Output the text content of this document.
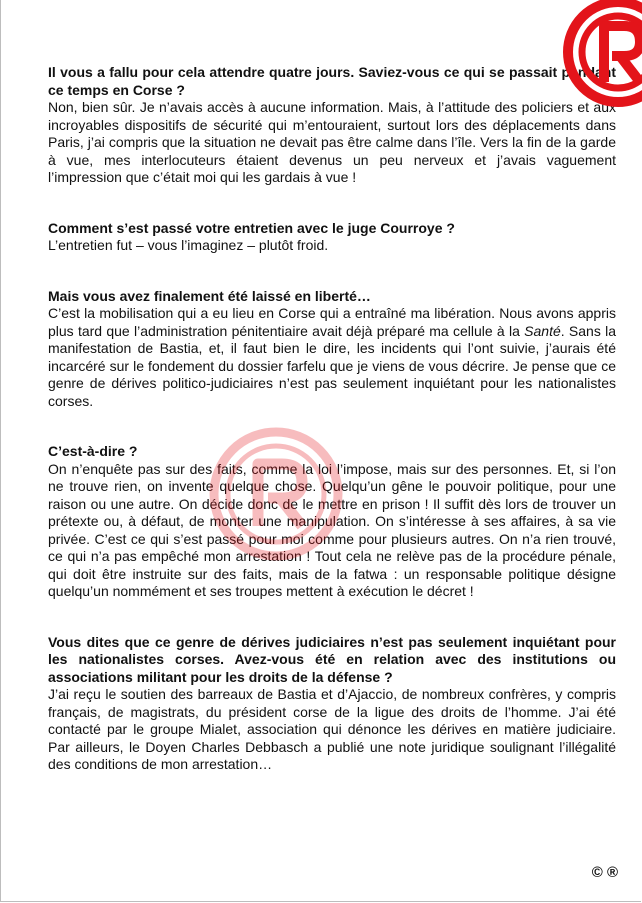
Il vous a fallu pour cela attendre quatre jours. Saviez-vous ce qui se passait pendant ce temps en Corse ?

Non, bien sûr. Je n’avais accès à aucune information. Mais, à l’attitude des policiers et aux incroyables dispositifs de sécurité qui m’entouraient, surtout lors des déplacements dans Paris, j’ai compris que la situation ne devait pas être calme dans l’île. Vers la fin de la garde à vue, mes interlocuteurs étaient devenus un peu nerveux et j’avais vaguement l’impression que c’était moi qui les gardais à vue !

Comment s’est passé votre entretien avec le juge Courroye ?

L’entretien fut – vous l’imaginez – plutôt froid.

Mais vous avez finalement été laissé en liberté…

C’est la mobilisation qui a eu lieu en Corse qui a entraîné ma libération. Nous avons appris plus tard que l’administration pénitentiaire avait déjà préparé ma cellule à la Santé. Sans la manifestation de Bastia, et, il faut bien le dire, les incidents qui l’ont suivie, j’aurais été incarcéré sur le fondement du dossier farfelu que je viens de vous décrire. Je pense que ce genre de dérives politico-judiciaires n’est pas seulement inquiétant pour les nationalistes corses.

C’est-à-dire ?

On n’enquête pas sur des faits, comme la loi l’impose, mais sur des personnes. Et, si l’on ne trouve rien, on invente quelque chose. Quelqu’un gêne le pouvoir politique, pour une raison ou une autre. On décide donc de le mettre en prison ! Il suffit dès lors de trouver un prétexte ou, à défaut, de monter une manipulation. On s’intéresse à ses affaires, à sa vie privée. C’est ce qui s’est passé pour moi comme pour plusieurs autres. On n’a rien trouvé, ce qui n’a pas empêché mon arrestation ! Tout cela ne relève pas de la procédure pénale, qui doit être instruite sur des faits, mais de la fatwa : un responsable politique désigne quelqu’un nommément et ses troupes mettent à exécution le décret !

Vous dites que ce genre de dérives judiciaires n’est pas seulement inquiétant pour les nationalistes corses. Avez-vous été en relation avec des institutions ou associations militant pour les droits de la défense ?

J’ai reçu le soutien des barreaux de Bastia et d’Ajaccio, de nombreux confrères, y compris français, de magistrats, du président corse de la ligue des droits de l’homme. J’ai été contacté par le groupe Mialet, association qui dénonce les dérives en matière judiciaire. Par ailleurs, le Doyen Charles Debbasch a publié une note juridique soulignant l’illégalité des conditions de mon arrestation…

© ®
